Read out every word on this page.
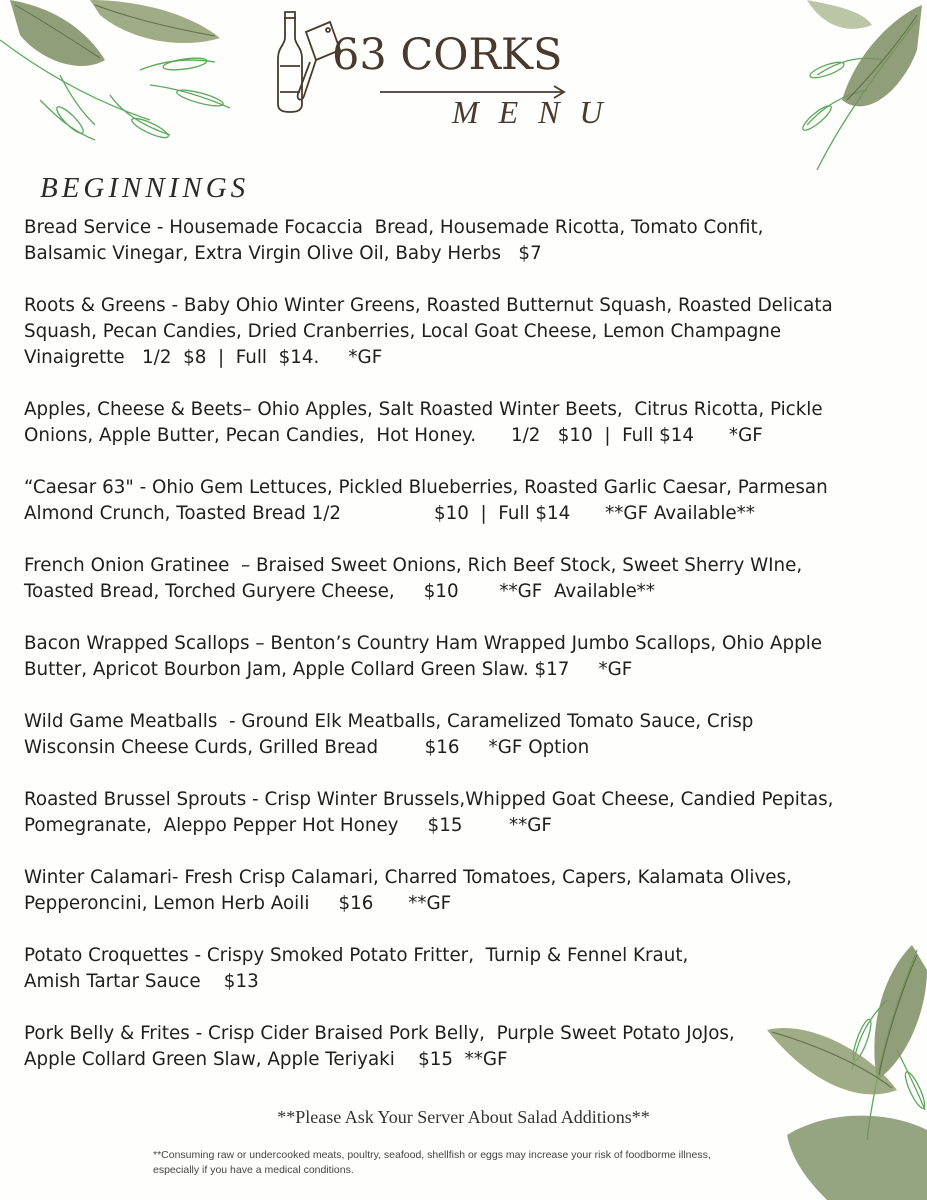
63 CORKS
MENU
BEGINNINGS
Bread Service - Housemade Focaccia  Bread, Housemade Ricotta, Tomato Confit,
Balsamic Vinegar, Extra Virgin Olive Oil, Baby Herbs   $7
Roots & Greens - Baby Ohio Winter Greens, Roasted Butternut Squash, Roasted Delicata
Squash, Pecan Candies, Dried Cranberries, Local Goat Cheese, Lemon Champagne
Vinaigrette   1/2  $8  |  Full  $14.     *GF
Apples, Cheese & Beets– Ohio Apples, Salt Roasted Winter Beets,  Citrus Ricotta, Pickle
Onions, Apple Butter, Pecan Candies,  Hot Honey.      1/2   $10  |  Full $14      *GF
“Caesar 63" - Ohio Gem Lettuces, Pickled Blueberries, Roasted Garlic Caesar, Parmesan
Almond Crunch, Toasted Bread 1/2                $10  |  Full $14      **GF Available**
French Onion Gratinee  – Braised Sweet Onions, Rich Beef Stock, Sweet Sherry WIne,
Toasted Bread, Torched Guryere Cheese,     $10       **GF  Available**
Bacon Wrapped Scallops – Benton’s Country Ham Wrapped Jumbo Scallops, Ohio Apple
Butter, Apricot Bourbon Jam, Apple Collard Green Slaw. $17     *GF
Wild Game Meatballs  - Ground Elk Meatballs, Caramelized Tomato Sauce, Crisp
Wisconsin Cheese Curds, Grilled Bread        $16     *GF Option
Roasted Brussel Sprouts - Crisp Winter Brussels,Whipped Goat Cheese, Candied Pepitas,
Pomegranate,  Aleppo Pepper Hot Honey     $15        **GF
Winter Calamari- Fresh Crisp Calamari, Charred Tomatoes, Capers, Kalamata Olives,
Pepperoncini, Lemon Herb Aoili     $16      **GF
Potato Croquettes - Crispy Smoked Potato Fritter,  Turnip & Fennel Kraut,
Amish Tartar Sauce    $13
Pork Belly & Frites - Crisp Cider Braised Pork Belly,  Purple Sweet Potato JoJos,
Apple Collard Green Slaw, Apple Teriyaki    $15  **GF
**Please Ask Your Server About Salad Additions**
**Consuming raw or undercooked meats, poultry, seafood, shellfish or eggs may increase your risk of foodborme illness, especially if you have a medical conditions.
